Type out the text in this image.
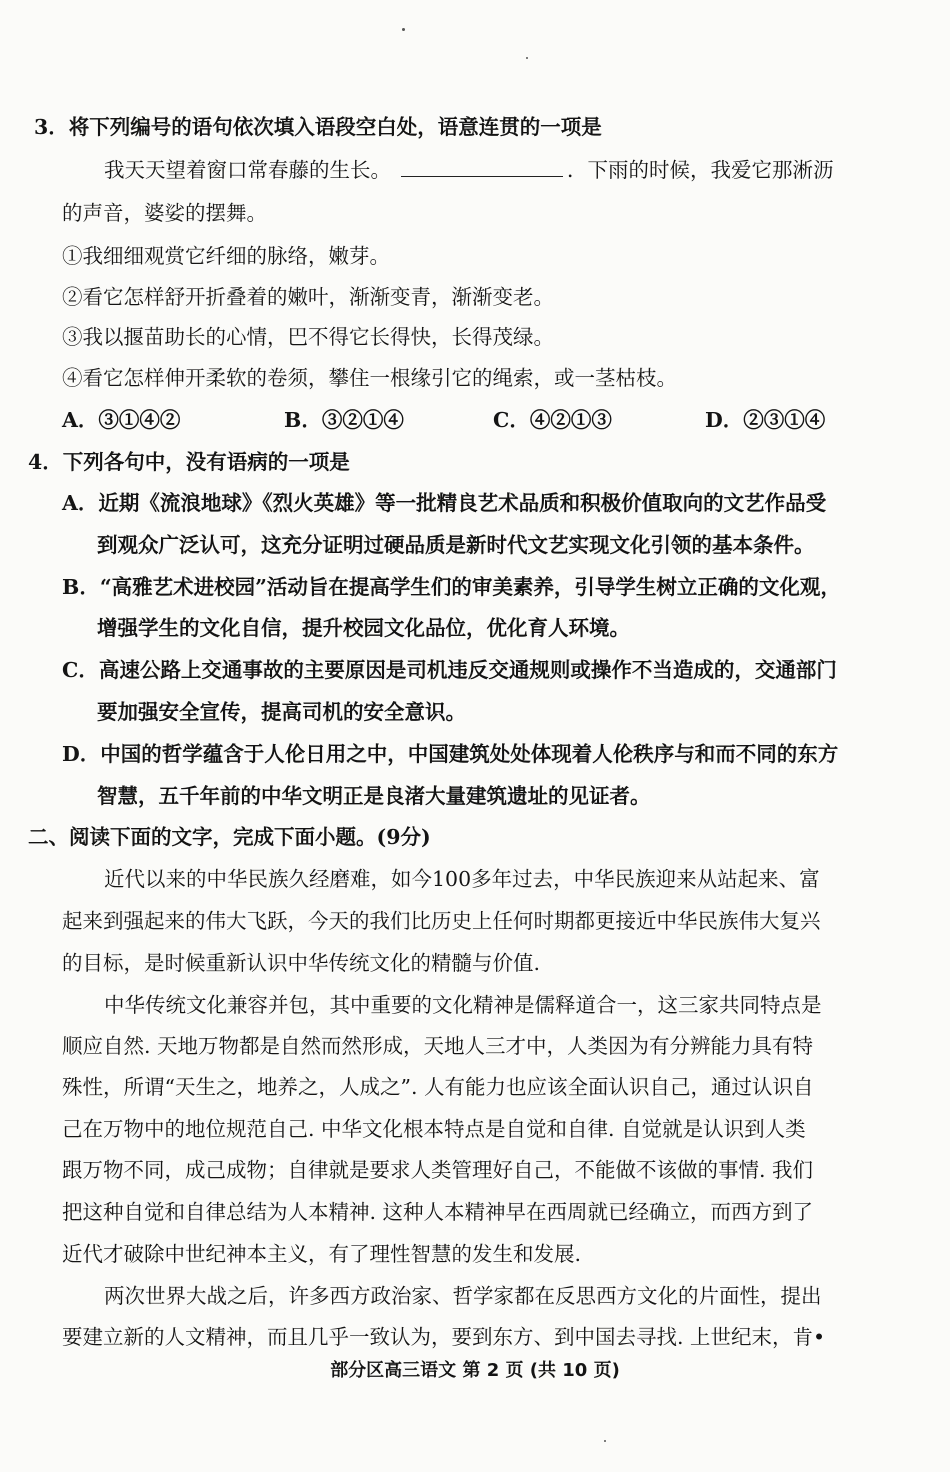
3．将下列编号的语句依次填入语段空白处，语意连贯的一项是
我天天望着窗口常春藤的生长。	．下雨的时候，我爱它那淅沥
的声音，婆娑的摆舞。
①我细细观赏它纤细的脉络，嫩芽。
②看它怎样舒开折叠着的嫩叶，渐渐变青，渐渐变老。
③我以揠苗助长的心情，巴不得它长得快，长得茂绿。
④看它怎样伸开柔软的卷须，攀住一根缘引它的绳索，或一茎枯枝。
A．③①④②	B．③②①④	C．④②①③	D．②③①④
4．下列各句中，没有语病的一项是
A．近期《流浪地球》《烈火英雄》等一批精良艺术品质和积极价值取向的文艺作品受
到观众广泛认可，这充分证明过硬品质是新时代文艺实现文化引领的基本条件。
B．“高雅艺术进校园”活动旨在提高学生们的审美素养，引导学生树立正确的文化观，
增强学生的文化自信，提升校园文化品位，优化育人环境。
C．高速公路上交通事故的主要原因是司机违反交通规则或操作不当造成的，交通部门
要加强安全宣传，提高司机的安全意识。
D．中国的哲学蕴含于人伦日用之中，中国建筑处处体现着人伦秩序与和而不同的东方
智慧，五千年前的中华文明正是良渚大量建筑遗址的见证者。
二、阅读下面的文字，完成下面小题。(9分)
近代以来的中华民族久经磨难，如今100多年过去，中华民族迎来从站起来、富
起来到强起来的伟大飞跃，今天的我们比历史上任何时期都更接近中华民族伟大复兴
的目标，是时候重新认识中华传统文化的精髓与价值.
中华传统文化兼容并包，其中重要的文化精神是儒释道合一，这三家共同特点是
顺应自然. 天地万物都是自然而然形成，天地人三才中，人类因为有分辨能力具有特
殊性，所谓“天生之，地养之，人成之”. 人有能力也应该全面认识自己，通过认识自
己在万物中的地位规范自己. 中华文化根本特点是自觉和自律. 自觉就是认识到人类
跟万物不同，成己成物；自律就是要求人类管理好自己，不能做不该做的事情. 我们
把这种自觉和自律总结为人本精神. 这种人本精神早在西周就已经确立，而西方到了
近代才破除中世纪神本主义，有了理性智慧的发生和发展.
两次世界大战之后，许多西方政治家、哲学家都在反思西方文化的片面性，提出
要建立新的人文精神，而且几乎一致认为，要到东方、到中国去寻找. 上世纪末，肯•
部分区高三语文 第 2 页 (共 10 页)
